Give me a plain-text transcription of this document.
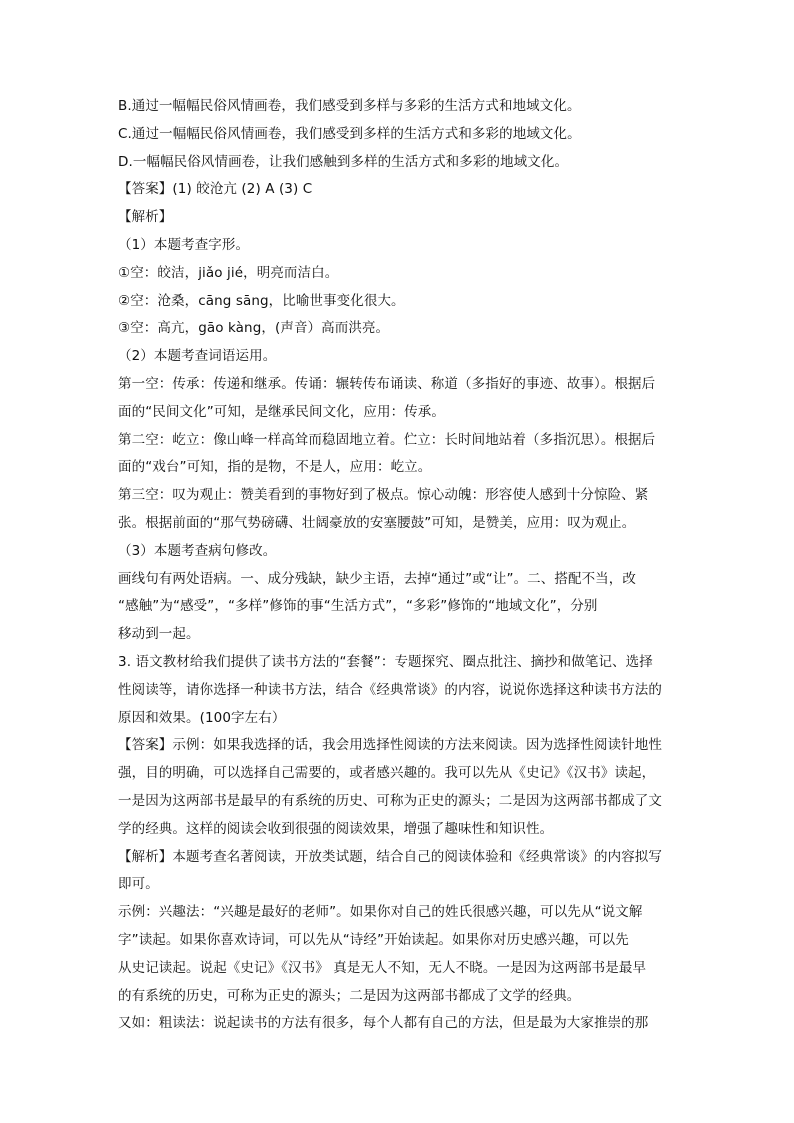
B.通过一幅幅民俗风情画卷，我们感受到多样与多彩的生活方式和地域文化。
C.通过一幅幅民俗风情画卷，我们感受到多样的生活方式和多彩的地域文化。
D.一幅幅民俗风情画卷，让我们感触到多样的生活方式和多彩的地域文化。
【答案】(1) 皎沧亢 (2) A (3) C
【解析】
（1）本题考查字形。
①空：皎洁，jiǎo jié，明亮而洁白。
②空：沧桑，cāng sāng，比喻世事变化很大。
③空：高亢，gāo kàng，(声音）高而洪亮。
（2）本题考查词语运用。
第一空：传承：传递和继承。传诵：辗转传布诵读、称道（多指好的事迹、故事）。根据后
面的“民间文化”可知，是继承民间文化，应用：传承。
第二空：屹立：像山峰一样高耸而稳固地立着。伫立：长时间地站着（多指沉思）。根据后
面的“戏台”可知，指的是物，不是人，应用：屹立。
第三空：叹为观止：赞美看到的事物好到了极点。惊心动魄：形容使人感到十分惊险、紧
张。根据前面的“那气势磅礴、壮阔豪放的安塞腰鼓”可知，是赞美，应用：叹为观止。
（3）本题考查病句修改。
画线句有两处语病。一、成分残缺，缺少主语，去掉“通过”或“让”。二、搭配不当，改
“感触”为“感受”，“多样”修饰的事“生活方式”，“多彩”修饰的“地域文化”，分别
移动到一起。
3. 语文教材给我们提供了读书方法的“套餐”：专题探究、圈点批注、摘抄和做笔记、选择
性阅读等，请你选择一种读书方法，结合《经典常谈》的内容，说说你选择这种读书方法的
原因和效果。(100字左右）
【答案】示例：如果我选择的话，我会用选择性阅读的方法来阅读。因为选择性阅读针地性
强，目的明确，可以选择自己需要的，或者感兴趣的。我可以先从《史记》《汉书》读起，
一是因为这两部书是最早的有系统的历史、可称为正史的源头；二是因为这两部书都成了文
学的经典。这样的阅读会收到很强的阅读效果，增强了趣味性和知识性。
【解析】本题考查名著阅读，开放类试题，结合自己的阅读体验和《经典常谈》的内容拟写
即可。
示例：兴趣法：“兴趣是最好的老师”。如果你对自己的姓氏很感兴趣，可以先从“说文解
字”读起。如果你喜欢诗词，可以先从“诗经”开始读起。如果你对历史感兴趣，可以先
从史记读起。说起《史记》《汉书》 真是无人不知，无人不晓。一是因为这两部书是最早
的有系统的历史，可称为正史的源头；二是因为这两部书都成了文学的经典。
又如：粗读法：说起读书的方法有很多，每个人都有自己的方法，但是最为大家推崇的那
